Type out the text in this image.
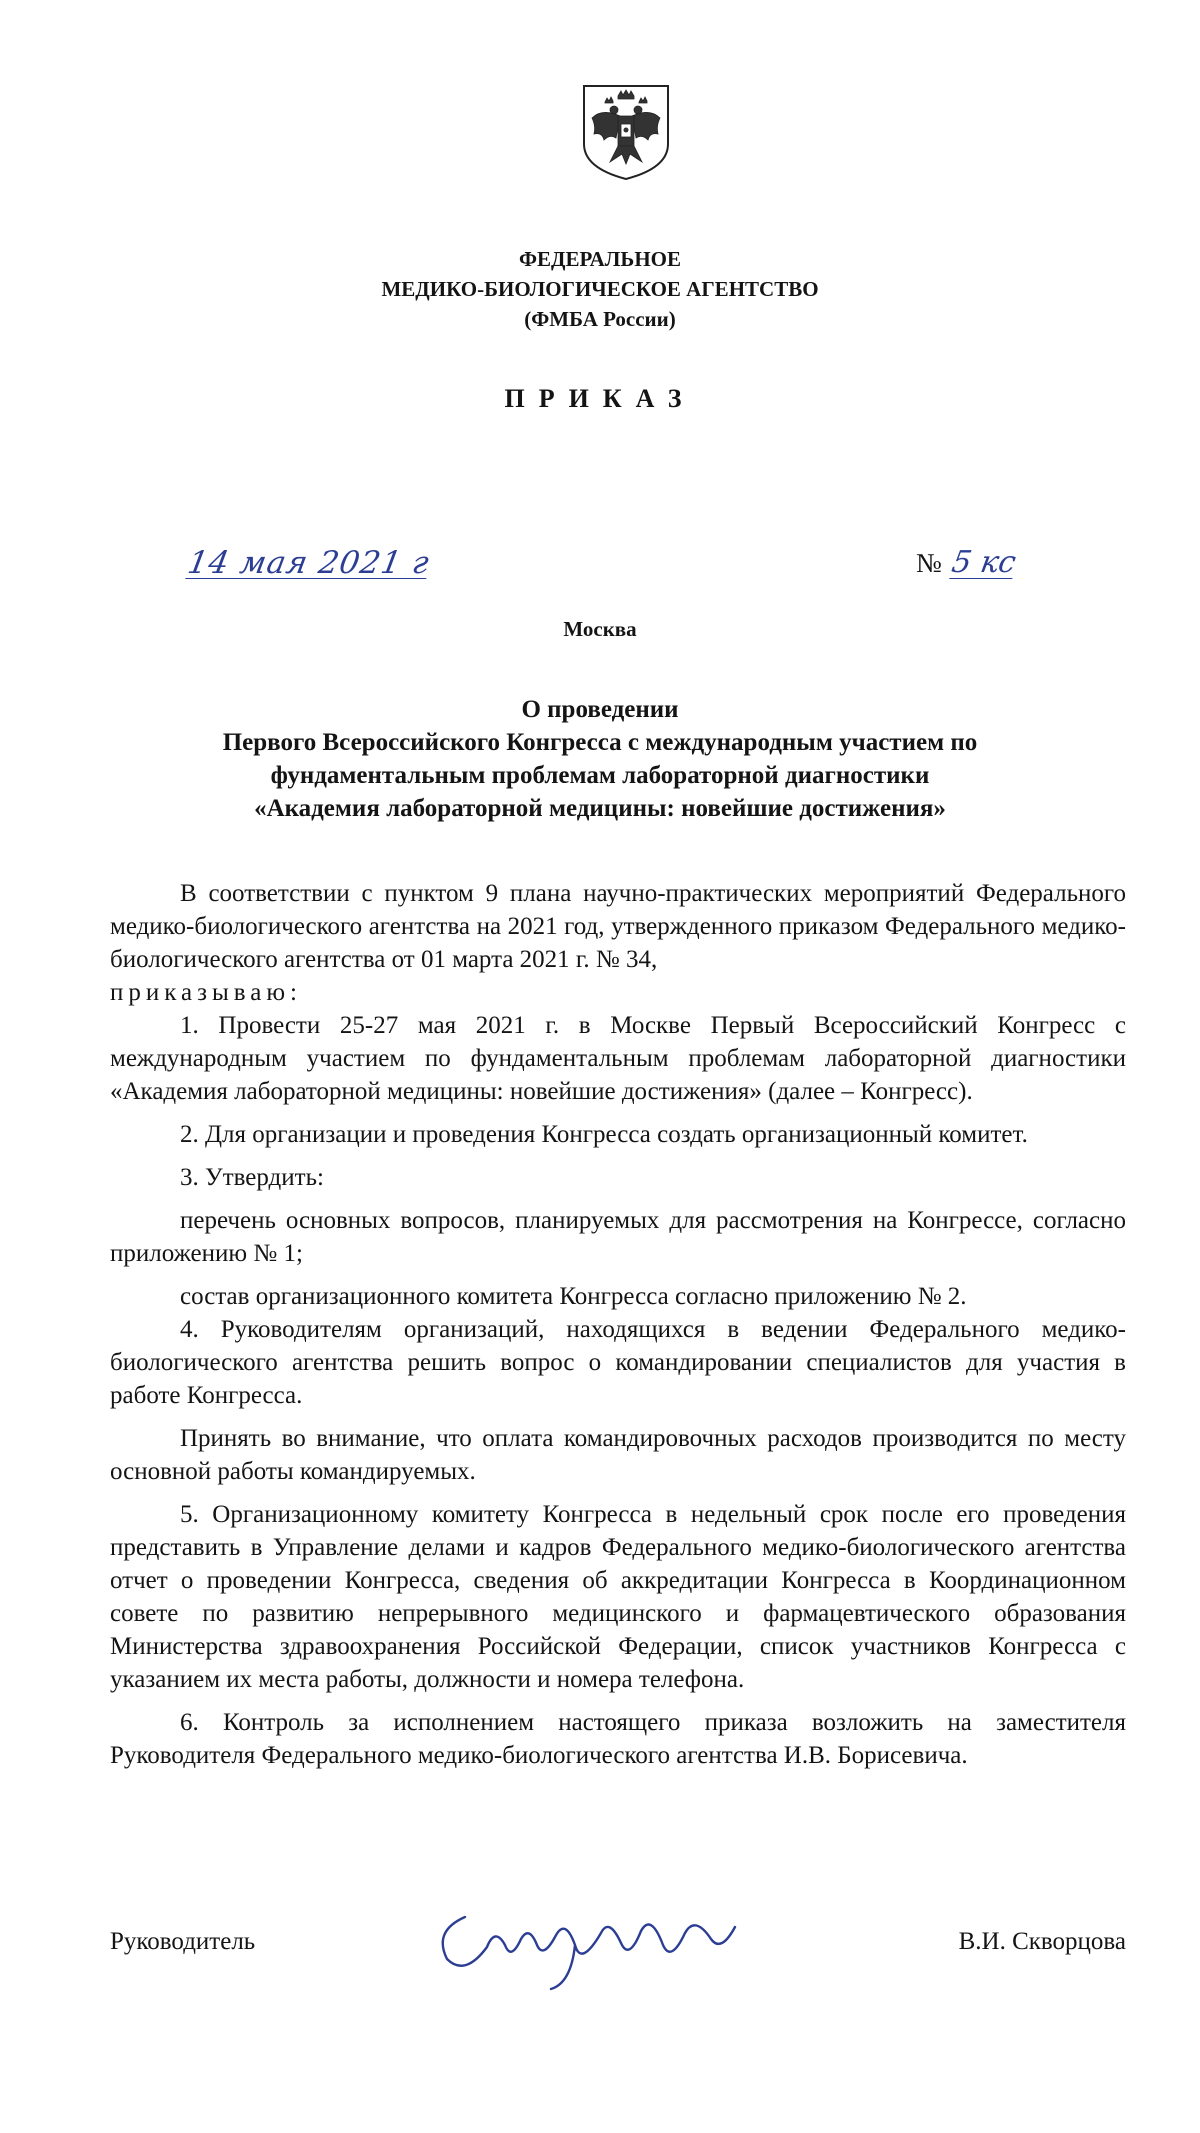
ФЕДЕРАЛЬНОЕ
МЕДИКО-БИОЛОГИЧЕСКОЕ АГЕНТСТВО
(ФМБА России)
ПРИКАЗ
14 мая 2021 г	№ 5 кс
Москва
О проведении
Первого Всероссийского Конгресса с международным участием по
фундаментальным проблемам лабораторной диагностики
«Академия лабораторной медицины: новейшие достижения»

В соответствии с пунктом 9 плана научно-практических мероприятий Федерального медико-биологического агентства на 2021 год, утвержденного приказом Федерального медико-биологического агентства от 01 марта 2021 г. № 34,
приказываю:

1. Провести 25-27 мая 2021 г. в Москве Первый Всероссийский Конгресс с международным участием по фундаментальным проблемам лабораторной диагностики «Академия лабораторной медицины: новейшие достижения» (далее – Конгресс).

2. Для организации и проведения Конгресса создать организационный комитет.

3. Утвердить:

перечень основных вопросов, планируемых для рассмотрения на Конгрессе, согласно приложению № 1;

состав организационного комитета Конгресса согласно приложению № 2.

4. Руководителям организаций, находящихся в ведении Федерального медико-биологического агентства решить вопрос о командировании специалистов для участия в работе Конгресса.

Принять во внимание, что оплата командировочных расходов производится по месту основной работы командируемых.

5. Организационному комитету Конгресса в недельный срок после его проведения представить в Управление делами и кадров Федерального медико-биологического агентства отчет о проведении Конгресса, сведения об аккредитации Конгресса в Координационном совете по развитию непрерывного медицинского и фармацевтического образования Министерства здравоохранения Российской Федерации, список участников Конгресса с указанием их места работы, должности и номера телефона.

6. Контроль за исполнением настоящего приказа возложить на заместителя Руководителя Федерального медико-биологического агентства И.В. Борисевича.

Руководитель	В.И. Скворцова
